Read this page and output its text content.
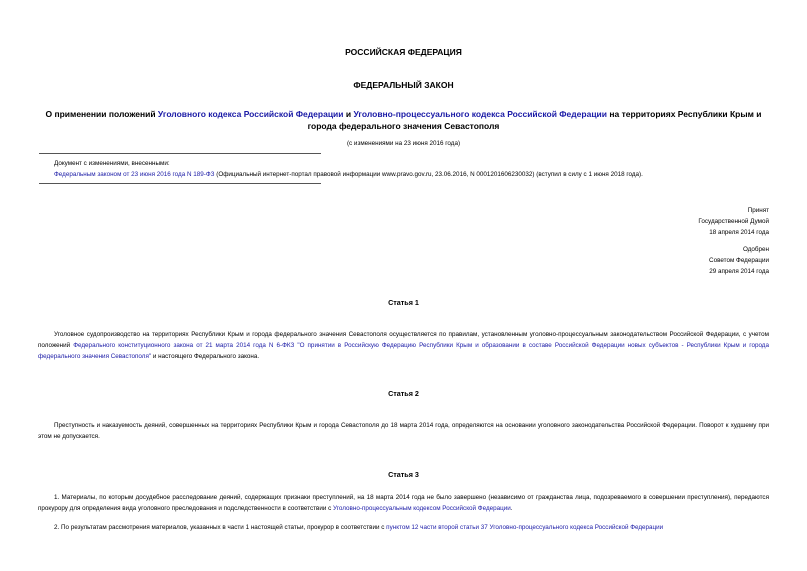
РОССИЙСКАЯ ФЕДЕРАЦИЯ
ФЕДЕРАЛЬНЫЙ ЗАКОН
О применении положений Уголовного кодекса Российской Федерации и Уголовно-процессуального кодекса Российской Федерации на территориях Республики Крым и города федерального значения Севастополя
(с изменениями на 23 июня 2016 года)
Документ с изменениями, внесенными:
Федеральным законом от 23 июня 2016 года N 189-ФЗ (Официальный интернет-портал правовой информации www.pravo.gov.ru, 23.06.2016, N 0001201606230032) (вступил в силу с 1 июня 2018 года).
Принят
Государственной Думой
18 апреля 2014 года
Одобрен
Советом Федерации
29 апреля 2014 года
Статья 1
Уголовное судопроизводство на территориях Республики Крым и города федерального значения Севастополя осуществляется по правилам, установленным уголовно-процессуальным законодательством Российской Федерации, с учетом положений Федерального конституционного закона от 21 марта 2014 года N 6-ФКЗ "О принятии в Российскую Федерацию Республики Крым и образовании в составе Российской Федерации новых субъектов - Республики Крым и города федерального значения Севастополя" и настоящего Федерального закона.
Статья 2
Преступность и наказуемость деяний, совершенных на территориях Республики Крым и города Севастополя до 18 марта 2014 года, определяются на основании уголовного законодательства Российской Федерации. Поворот к худшему при этом не допускается.
Статья 3
1. Материалы, по которым досудебное расследование деяний, содержащих признаки преступлений, на 18 марта 2014 года не было завершено (независимо от гражданства лица, подозреваемого в совершении преступления), передаются прокурору для определения вида уголовного преследования и подследственности в соответствии с Уголовно-процессуальным кодексом Российской Федерации.
2. По результатам рассмотрения материалов, указанных в части 1 настоящей статьи, прокурор в соответствии с пунктом 12 части второй статьи 37 Уголовно-процессуального кодекса Российской Федерации
